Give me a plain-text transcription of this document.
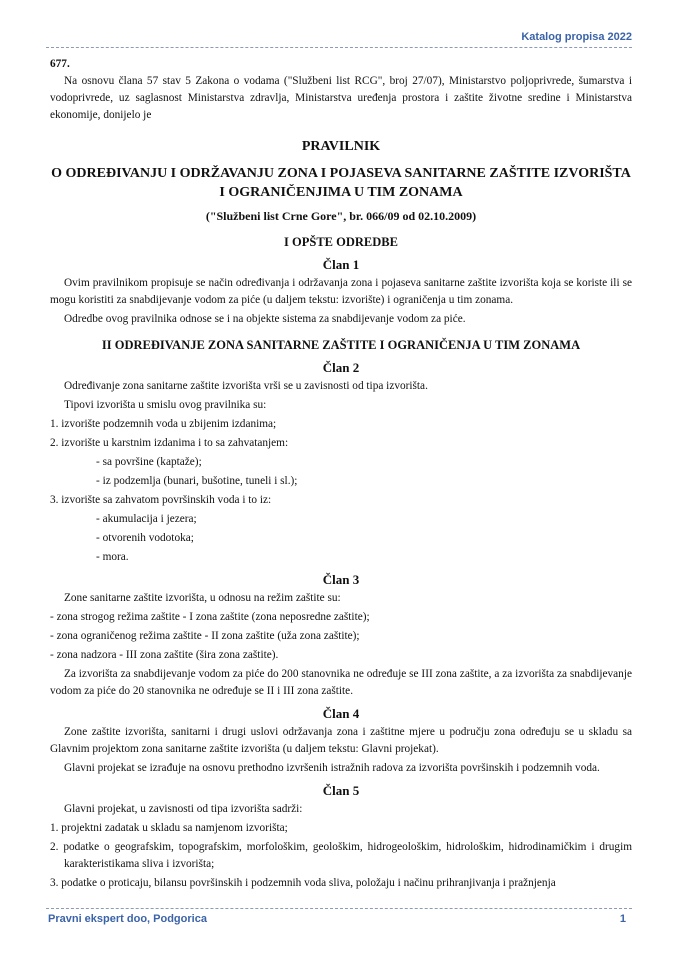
Katalog propisa 2022

677.

Na osnovu člana 57 stav 5 Zakona o vodama ("Službeni list RCG", broj 27/07), Ministarstvo poljoprivrede, šumarstva i vodoprivrede, uz saglasnost Ministarstva zdravlja, Ministarstva uređenja prostora i zaštite životne sredine i Ministarstva ekonomije, donijelo je

PRAVILNIK

O ODREĐIVANJU I ODRŽAVANJU ZONA I POJASEVA SANITARNE ZAŠTITE IZVORIŠTA I OGRANIČENJIMA U TIM ZONAMA

("Službeni list Crne Gore", br. 066/09 od 02.10.2009)

I OPŠTE ODREDBE

Član 1

Ovim pravilnikom propisuje se način određivanja i održavanja zona i pojaseva sanitarne zaštite izvorišta koja se koriste ili se mogu koristiti za snabdijevanje vodom za piće (u daljem tekstu: izvorište) i ograničenja u tim zonama.

Odredbe ovog pravilnika odnose se i na objekte sistema za snabdijevanje vodom za piće.

II ODREĐIVANJE ZONA SANITARNE ZAŠTITE I OGRANIČENJA U TIM ZONAMA

Član 2

Određivanje zona sanitarne zaštite izvorišta vrši se u zavisnosti od tipa izvorišta.

Tipovi izvorišta u smislu ovog pravilnika su:

1. izvorište podzemnih voda u zbijenim izdanima;

2. izvorište u karstnim izdanima i to sa zahvatanjem:

- sa površine (kaptaže);

- iz podzemlja (bunari, bušotine, tuneli i sl.);

3. izvorište sa zahvatom površinskih voda i to iz:

- akumulacija i jezera;

- otvorenih vodotoka;

- mora.

Član 3

Zone sanitarne zaštite izvorišta, u odnosu na režim zaštite su:

- zona strogog režima zaštite - I zona zaštite (zona neposredne zaštite);

- zona ograničenog režima zaštite - II zona zaštite (uža zona zaštite);

- zona nadzora - III zona zaštite (šira zona zaštite).

Za izvorišta za snabdijevanje vodom za piće do 200 stanovnika ne određuje se III zona zaštite, a za izvorišta za snabdijevanje vodom za piće do 20 stanovnika ne određuje se II i III zona zaštite.

Član 4

Zone zaštite izvorišta, sanitarni i drugi uslovi održavanja zona i zaštitne mjere u području zona određuju se u skladu sa Glavnim projektom zona sanitarne zaštite izvorišta (u daljem tekstu: Glavni projekat).

Glavni projekat se izrađuje na osnovu prethodno izvršenih istražnih radova za izvorišta površinskih i podzemnih voda.

Član 5

Glavni projekat, u zavisnosti od tipa izvorišta sadrži:

1. projektni zadatak u skladu sa namjenom izvorišta;

2. podatke o geografskim, topografskim, morfološkim, geološkim, hidrogeološkim, hidrološkim, hidrodinamičkim i drugim karakteristikama sliva i izvorišta;

3. podatke o proticaju, bilansu površinskih i podzemnih voda sliva, položaju i načinu prihranjivanja i pražnjenja

Pravni ekspert doo, Podgorica	1
